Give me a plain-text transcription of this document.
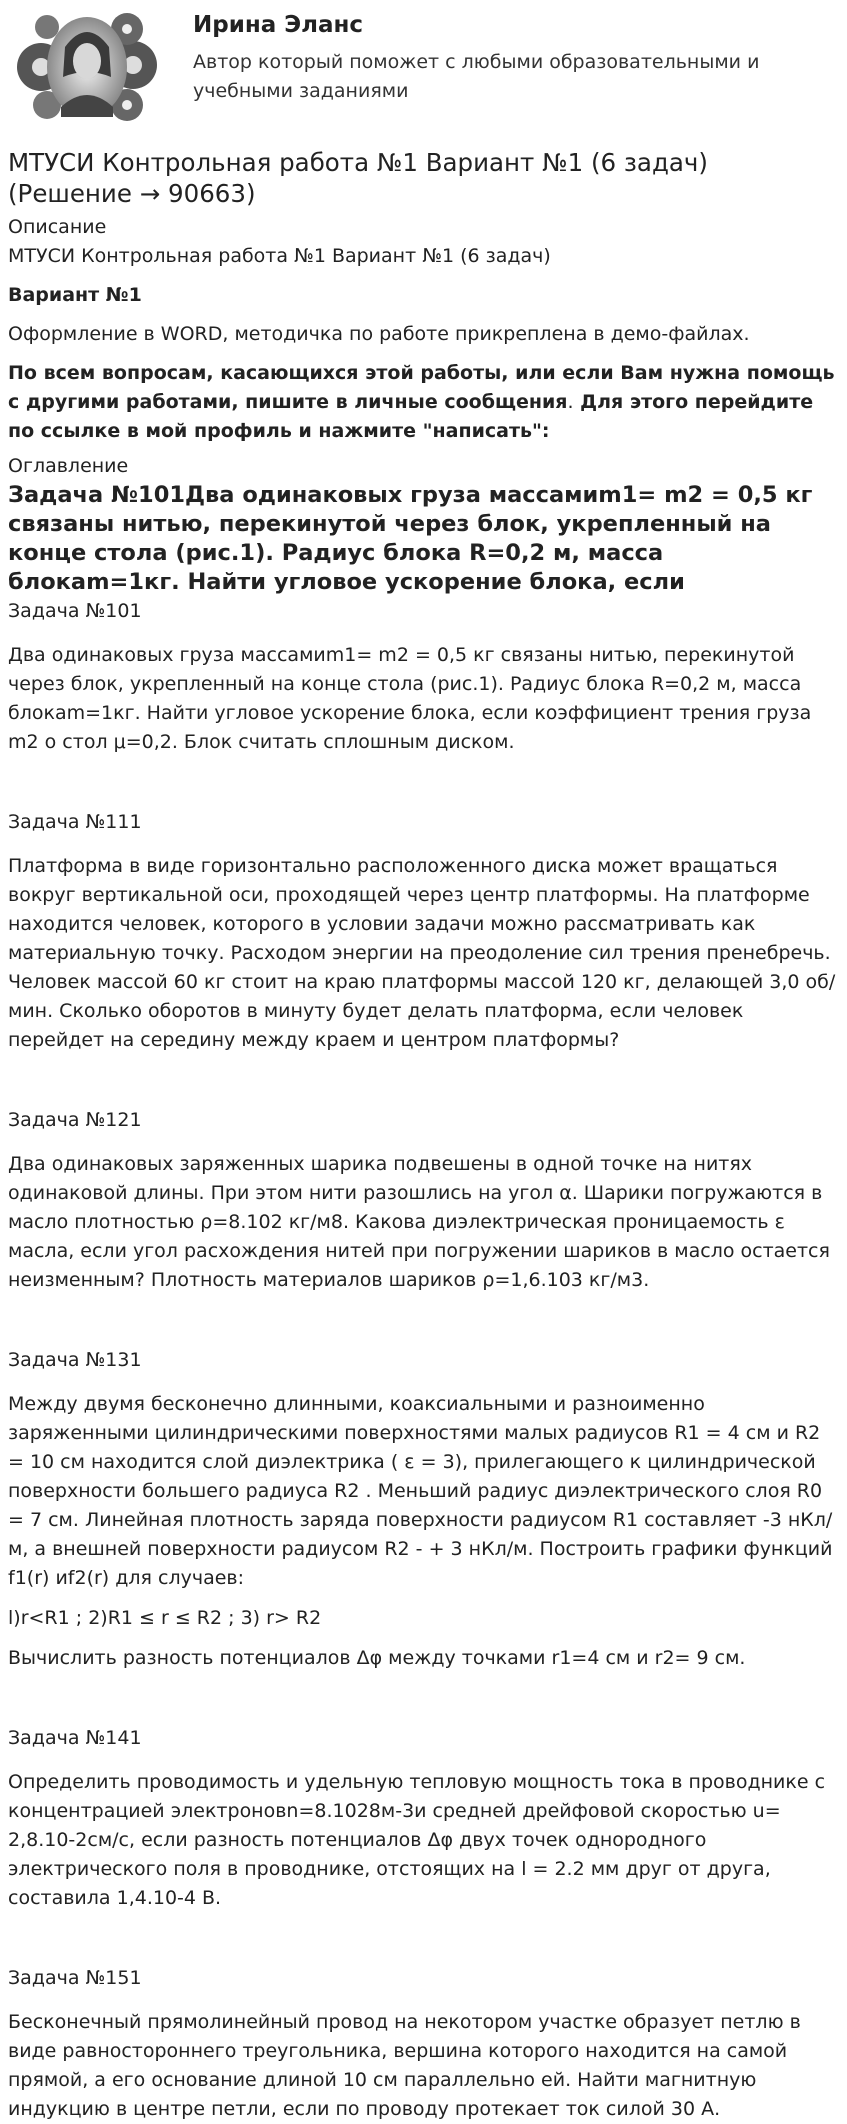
Ирина Эланс
Автор который поможет с любыми образовательными и учебными заданиями
МТУСИ Контрольная работа №1 Вариант №1 (6 задач) (Решение → 90663)
Описание
МТУСИ Контрольная работа №1 Вариант №1 (6 задач)
Вариант №1
Оформление в WORD, методичка по работе прикреплена в демо-файлах.
По всем вопросам, касающихся этой работы, или если Вам нужна помощь с другими работами, пишите в личные сообщения. Для этого перейдите по ссылке в мой профиль и нажмите "написать":
Оглавление
Задача №101Два одинаковых груза массамиm1= m2 = 0,5 кг связаны нитью, перекинутой через блок, укрепленный на конце стола (рис.1). Радиус блока R=0,2 м, масса блокаm=1кг. Найти угловое ускорение блока, если
Задача №101
Два одинаковых груза массамиm1= m2 = 0,5 кг связаны нитью, перекинутой через блок, укрепленный на конце стола (рис.1). Радиус блока R=0,2 м, масса блокаm=1кг. Найти угловое ускорение блока, если коэффициент трения груза m2 о стол μ=0,2. Блок считать сплошным диском.
Задача №111
Платформа в виде горизонтально расположенного диска может вращаться вокруг вертикальной оси, проходящей через центр платформы. На платформе находится человек, которого в условии задачи можно рассматривать как материальную точку. Расходом энергии на преодоление сил трения пренебречь. Человек массой 60 кг стоит на краю платформы массой 120 кг, делающей 3,0 об/мин. Сколько оборотов в минуту будет делать платформа, если человек перейдет на середину между краем и центром платформы?
Задача №121
Два одинаковых заряженных шарика подвешены в одной точке на нитях одинаковой длины. При этом нити разошлись на угол α. Шарики погружаются в масло плотностью ρ=8.102 кг/м8. Какова диэлектрическая проницаемость ε масла, если угол расхождения нитей при погружении шариков в масло остается неизменным? Плотность материалов шариков ρ=1,6.103 кг/м3.
Задача №131
Между двумя бесконечно длинными, коаксиальными и разноименно заряженными цилиндрическими поверхностями малых радиусов R1 = 4 см и R2 = 10 см находится слой диэлектрика ( ε = 3), прилегающего к цилиндрической поверхности большего радиуса R2 . Меньший радиус диэлектрического слоя R0 = 7 см. Линейная плотность заряда поверхности радиусом R1 составляет -3 нКл/м, а внешней поверхности радиусом R2 - + 3 нКл/м. Построить графики функций f1(r) иf2(r) для случаев:
l)r<R1 ; 2)R1 ≤ r ≤ R2 ; 3) r> R2
Вычислить разность потенциалов Δφ между точками r1=4 см и r2= 9 см.
Задача №141
Определить проводимость и удельную тепловую мощность тока в проводнике с концентрацией электроновn=8.1028м-3и средней дрейфовой скоростью u= 2,8.10-2см/с, если разность потенциалов Δφ двух точек однородного электрического поля в проводнике, отстоящих на l = 2.2 мм друг от друга, составила 1,4.10-4 В.
Задача №151
Бесконечный прямолинейный провод на некотором участке образует петлю в виде равностороннего треугольника, вершина которого находится на самой прямой, а его основание длиной 10 см параллельно ей. Найти магнитную индукцию в центре петли, если по проводу протекает ток силой 30 А.
